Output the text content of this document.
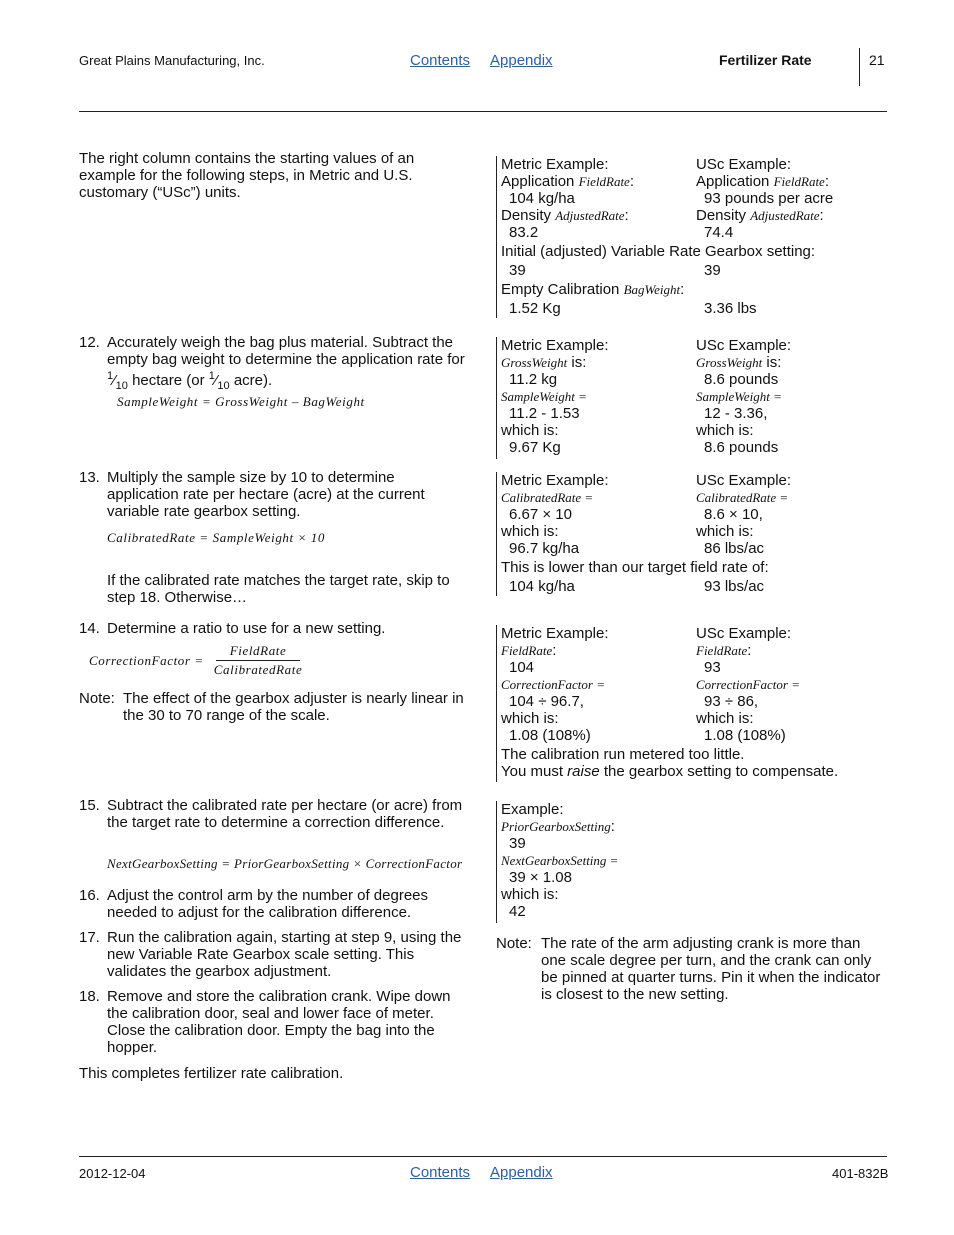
Great Plains Manufacturing, Inc.	Contents Appendix	Fertilizer Rate	21
The right column contains the starting values of an example for the following steps, in Metric and U.S. customary (“USc”) units.
Metric Example:	USc Example:
Application FieldRate:	Application FieldRate:
104 kg/ha	93 pounds per acre
Density AdjustedRate:	Density AdjustedRate:
83.2	74.4
Initial (adjusted) Variable Rate Gearbox setting:
39	39
Empty Calibration BagWeight:
1.52 Kg	3.36 lbs
12. Accurately weigh the bag plus material. Subtract the empty bag weight to determine the application rate for $^1⁄_{10}$ hectare (or $^1⁄_{10}$ acre).
SampleWeight = GrossWeight – BagWeight
Metric Example:	USc Example:
GrossWeight is:	GrossWeight is:
11.2 kg	8.6 pounds
SampleWeight =	SampleWeight =
11.2 - 1.53	12 - 3.36,
which is:	which is:
9.67 Kg	8.6 pounds
13. Multiply the sample size by 10 to determine application rate per hectare (acre) at the current variable rate gearbox setting.
CalibratedRate = SampleWeight × 10
If the calibrated rate matches the target rate, skip to step 18. Otherwise…
Metric Example:	USc Example:
CalibratedRate =	CalibratedRate =
6.67 × 10	8.6 × 10,
which is:	which is:
96.7 kg/ha	86 lbs/ac
This is lower than our target field rate of:
104 kg/ha	93 lbs/ac
14. Determine a ratio to use for a new setting.
CorrectionFactor =
FieldRate
CalibratedRate
Note: The effect of the gearbox adjuster is nearly linear in the 30 to 70 range of the scale.
Metric Example:	USc Example:
FieldRate:	FieldRate:
104	93
CorrectionFactor =	CorrectionFactor =
104 ÷ 96.7,	93 ÷ 86,
which is:	which is:
1.08 (108%)	1.08 (108%)
The calibration run metered too little.
You must raise the gearbox setting to compensate.
15. Subtract the calibrated rate per hectare (or acre) from the target rate to determine a correction difference.
NextGearboxSetting = PriorGearboxSetting × CorrectionFactor
Example:
PriorGearboxSetting:
39
NextGearboxSetting =
39 × 1.08
which is:
42
16. Adjust the control arm by the number of degrees needed to adjust for the calibration difference.
17. Run the calibration again, starting at step 9, using the new Variable Rate Gearbox scale setting. This validates the gearbox adjustment.
18. Remove and store the calibration crank. Wipe down the calibration door, seal and lower face of meter. Close the calibration door. Empty the bag into the hopper.
This completes fertilizer rate calibration.
Note: The rate of the arm adjusting crank is more than one scale degree per turn, and the crank can only be pinned at quarter turns. Pin it when the indicator is closest to the new setting.
2012-12-04	Contents Appendix	401-832B
